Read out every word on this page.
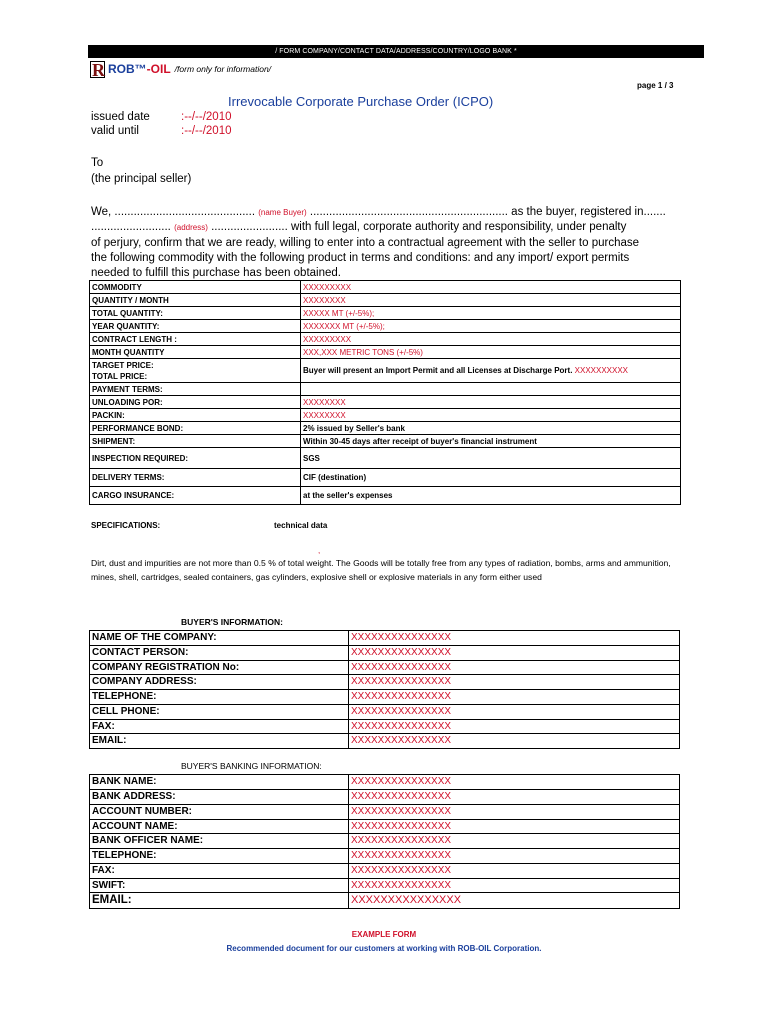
/ FORM COMPANY/CONTACT DATA/ADDRESS/COUNTRY/LOGO BANK *
R ROB™ -OIL /form only for information/
page 1 / 3
Irrevocable Corporate Purchase Order (ICPO)
issued date	:--/--/2010
valid until	:--/--/2010
To
(the principal seller)
We, ............................................ (name Buyer) .............................................................. as the buyer, registered in.......
......................... (address) ........................ with full legal, corporate authority and responsibility, under penalty
of perjury, confirm that we are ready, willing to enter into a contractual agreement with the seller to purchase
the following commodity with the following product in terms and conditions: and any import/ export permits
needed to fulfill this purchase has been obtained.
COMMODITY	XXXXXXXXX
QUANTITY / MONTH	XXXXXXXX
TOTAL QUANTITY:	XXXXX MT (+/-5%);
YEAR QUANTITY:	XXXXXXX MT (+/-5%);
CONTRACT LENGTH :	XXXXXXXXX
MONTH QUANTITY	XXX,XXX METRIC TONS (+/-5%)

TARGET PRICE:
TOTAL PRICE:	Buyer will present an Import Permit and all Licenses at Discharge Port. XXXXXXXXXX
PAYMENT TERMS:	
UNLOADING POR:	XXXXXXXX
PACKIN:	XXXXXXXX
PERFORMANCE BOND:	2% issued by Seller's bank
SHIPMENT:	Within 30-45 days after receipt of buyer's financial instrument
INSPECTION REQUIRED:	SGS
DELIVERY TERMS:	CIF (destination)
CARGO INSURANCE:	at the seller's expenses
SPECIFICATIONS:	technical data
,
Dirt, dust and impurities are not more than 0.5 % of total weight. The Goods will be totally free from any types of radiation, bombs, arms and ammunition, mines, shell, cartridges, sealed containers, gas cylinders, explosive shell or explosive materials in any form either used
BUYER'S INFORMATION:
NAME OF THE COMPANY:	XXXXXXXXXXXXXXX
CONTACT PERSON:	XXXXXXXXXXXXXXX
COMPANY REGISTRATION No:	XXXXXXXXXXXXXXX
COMPANY ADDRESS:	XXXXXXXXXXXXXXX
TELEPHONE:	XXXXXXXXXXXXXXX
CELL PHONE:	XXXXXXXXXXXXXXX
FAX:	XXXXXXXXXXXXXXX
EMAIL:	XXXXXXXXXXXXXXX
BUYER'S BANKING INFORMATION:
BANK NAME:	XXXXXXXXXXXXXXX
BANK ADDRESS:	XXXXXXXXXXXXXXX
ACCOUNT NUMBER:	XXXXXXXXXXXXXXX
ACCOUNT NAME:	XXXXXXXXXXXXXXX
BANK OFFICER NAME:	XXXXXXXXXXXXXXX
TELEPHONE:	XXXXXXXXXXXXXXX
FAX:	XXXXXXXXXXXXXXX
SWIFT:	XXXXXXXXXXXXXXX
EMAIL:	XXXXXXXXXXXXXXX
EXAMPLE FORM
Recommended document for our customers at working with ROB-OIL Corporation.
